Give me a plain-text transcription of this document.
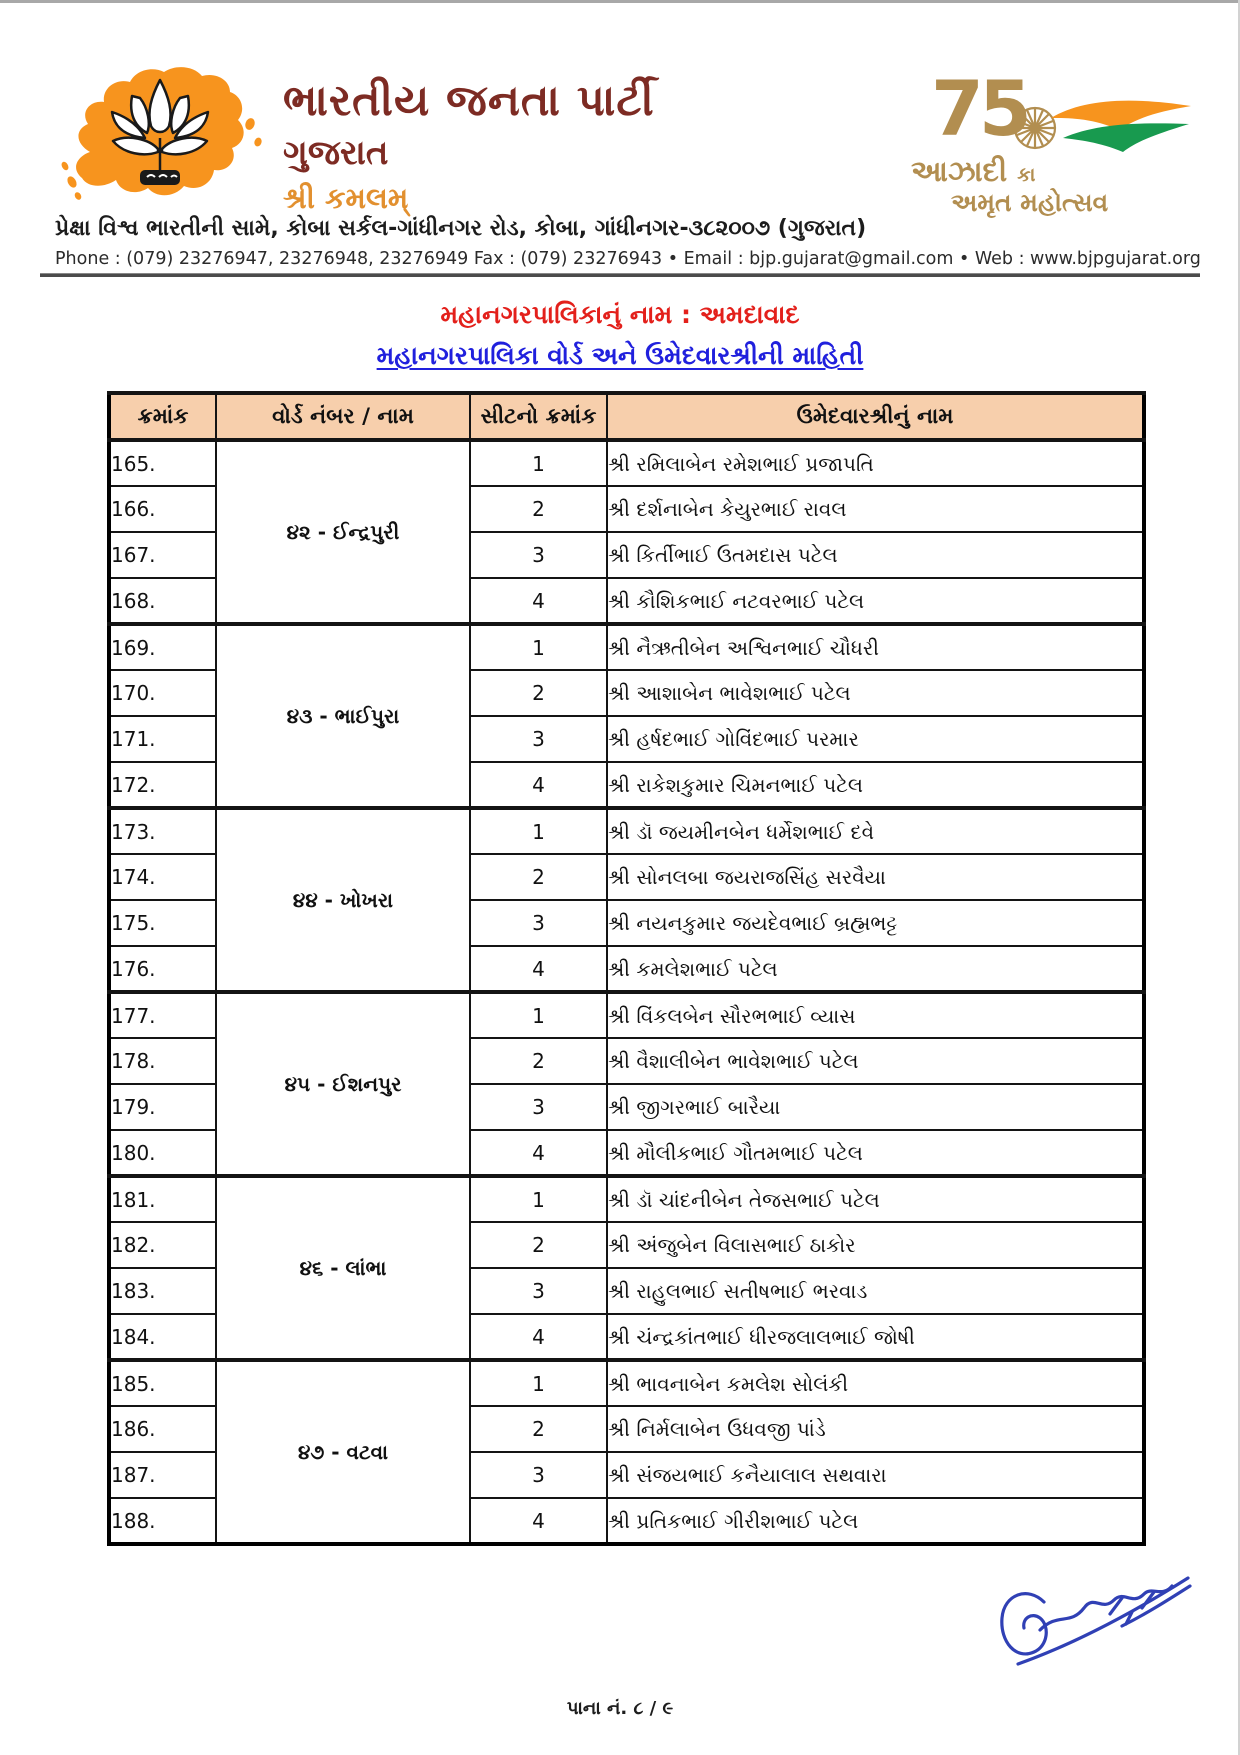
ભારતીય જનતા પાર્ટી
ગુજરાત
શ્રી કમલમ્
75
આઝાદી કા
અમૃત મહોત્સવ
પ્રેક્ષા વિશ્વ ભારતીની સામે, કોબા સર્કલ-ગાંધીનગર રોડ, કોબા, ગાંધીનગર-૩૮૨૦૦૭ (ગુજરાત)
Phone : (079) 23276947, 23276948, 23276949 Fax : (079) 23276943 • Email : bjp.gujarat@gmail.com • Web : www.bjpgujarat.org
મહાનગરપાલિકાનું નામ : અમદાવાદ
મહાનગરપાલિકા વોર્ડ અને ઉમેદવારશ્રીની માહિતી
ક્રમાંક	વોર્ડ નંબર / નામ	સીટનો ક્રમાંક	ઉમેદવારશ્રીનું નામ
165.	૪૨ - ઈન્દ્રપુરી	1	શ્રી રમિલાબેન રમેશભાઈ પ્રજાપતિ
166.		2	શ્રી દર્શનાબેન કેયુરભાઈ રાવલ
167.		3	શ્રી કિર્તીભાઈ ઉતમદાસ પટેલ
168.		4	શ્રી કૌશિકભાઈ નટવરભાઈ પટેલ
169.	૪૩ - ભાઈપુરા	1	શ્રી નૈઋતીબેન અશ્વિનભાઈ ચૌધરી
170.		2	શ્રી આશાબેન ભાવેશભાઈ પટેલ
171.		3	શ્રી હર્ષદભાઈ ગોવિંદભાઈ પરમાર
172.		4	શ્રી રાકેશકુમાર ચિમનભાઈ પટેલ
173.	૪૪ - ખોખરા	1	શ્રી ડૉ જયમીનબેન ધર્મેશભાઈ દવે
174.		2	શ્રી સોનલબા જયરાજસિંહ સરવૈયા
175.		3	શ્રી નયનકુમાર જયદેવભાઈ બ્રહ્મભટ્ટ
176.		4	શ્રી કમલેશભાઈ પટેલ
177.	૪૫ - ઈશનપુર	1	શ્રી વિંકલબેન સૌરભભાઈ વ્યાસ
178.		2	શ્રી વૈશાલીબેન ભાવેશભાઈ પટેલ
179.		3	શ્રી જીગરભાઈ બારૈયા
180.		4	શ્રી મૌલીકભાઈ ગૌતમભાઈ પટેલ
181.	૪૬ - લાંભા	1	શ્રી ડૉ ચાંદનીબેન તેજસભાઈ પટેલ
182.		2	શ્રી અંજુબેન વિલાસભાઈ ઠાકોર
183.		3	શ્રી રાહુલભાઈ સતીષભાઈ ભરવાડ
184.		4	શ્રી ચંન્દ્રકાંતભાઈ ધીરજલાલભાઈ જોષી
185.	૪૭ - વટવા	1	શ્રી ભાવનાબેન કમલેશ સોલંકી
186.		2	શ્રી નિર્મલાબેન ઉધવજી પાંડે
187.		3	શ્રી સંજયભાઈ કનૈયાલાલ સથવારા
188.		4	શ્રી પ્રતિકભાઈ ગીરીશભાઈ પટેલ
પાના નં. ૮ / ૯
